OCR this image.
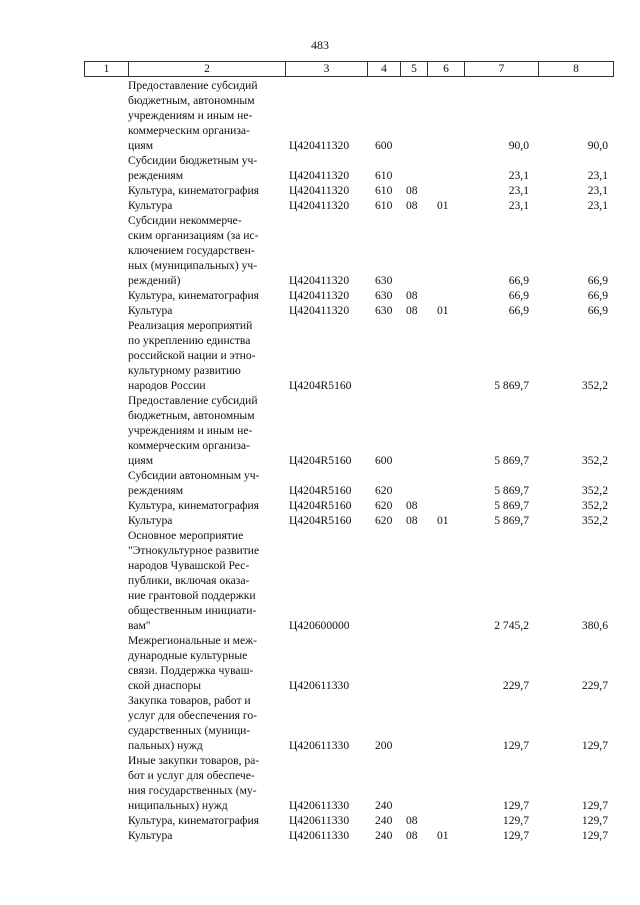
483
1	2	3	4	5	6	7	8
Предоставление субсидий
бюджетным, автономным
учреждениям и иным не-
коммерческим организа-
циям	Ц420411320 600	90,0	90,0
Субсидии бюджетным уч-
реждениям	Ц420411320 610	23,1	23,1
Культура, кинематография	Ц420411320 610 08	23,1	23,1
Культура	Ц420411320 610 08 01	23,1	23,1
Субсидии некоммерче-
ским организациям (за ис-
ключением государствен-
ных (муниципальных) уч-
реждений)	Ц420411320 630	66,9	66,9
Культура, кинематография	Ц420411320 630 08	66,9	66,9
Культура	Ц420411320 630 08 01	66,9	66,9
Реализация мероприятий
по укреплению единства
российской нации и этно-
культурному развитию
народов России	Ц4204R5160	5 869,7	352,2
Предоставление субсидий
бюджетным, автономным
учреждениям и иным не-
коммерческим организа-
циям	Ц4204R5160 600	5 869,7	352,2
Субсидии автономным уч-
реждениям	Ц4204R5160 620	5 869,7	352,2
Культура, кинематография	Ц4204R5160 620 08	5 869,7	352,2
Культура	Ц4204R5160 620 08 01	5 869,7	352,2
Основное мероприятие
"Этнокультурное развитие
народов Чувашской Рес-
публики, включая оказа-
ние грантовой поддержки
общественным инициати-
вам"	Ц420600000	2 745,2	380,6
Межрегиональные и меж-
дународные культурные
связи. Поддержка чуваш-
ской диаспоры	Ц420611330	229,7	229,7
Закупка товаров, работ и
услуг для обеспечения го-
сударственных (муници-
пальных) нужд	Ц420611330 200	129,7	129,7
Иные закупки товаров, ра-
бот и услуг для обеспече-
ния государственных (му-
ниципальных) нужд	Ц420611330 240	129,7	129,7
Культура, кинематография	Ц420611330 240 08	129,7	129,7
Культура	Ц420611330 240 08 01	129,7	129,7
